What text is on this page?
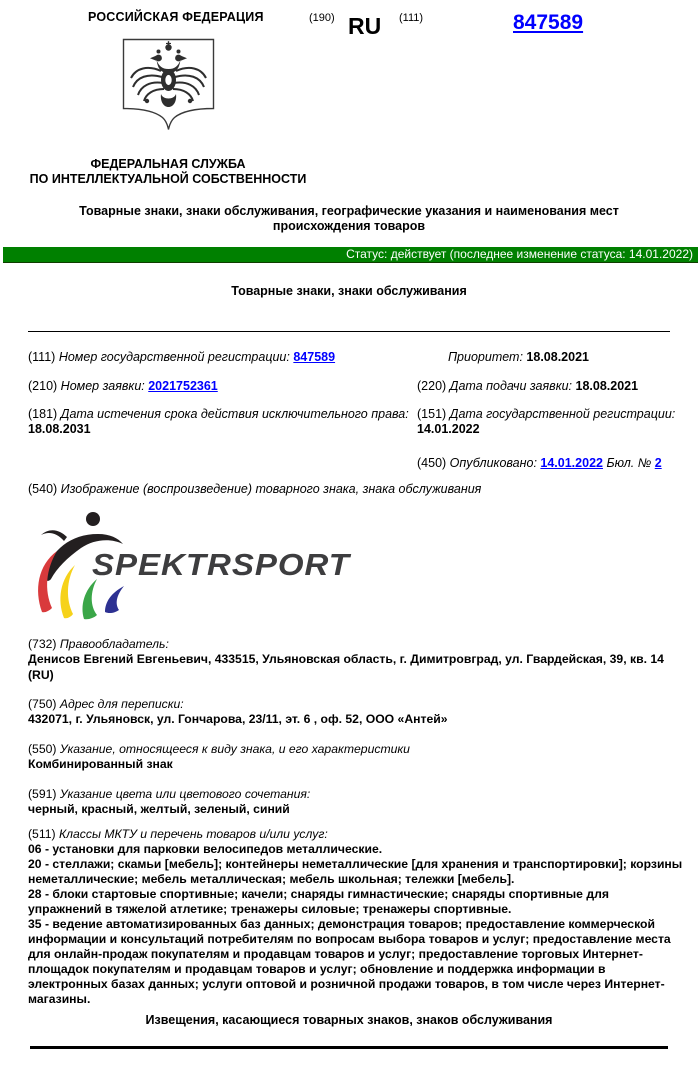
РОССИЙСКАЯ ФЕДЕРАЦИЯ	(190) RU (111)	847589
ФЕДЕРАЛЬНАЯ СЛУЖБА
ПО ИНТЕЛЛЕКТУАЛЬНОЙ СОБСТВЕННОСТИ
Товарные знаки, знаки обслуживания, географические указания и наименования мест происхождения товаров
Статус: действует (последнее изменение статуса: 14.01.2022)
Товарные знаки, знаки обслуживания
(111) Номер государственной регистрации: 847589	Приоритет: 18.08.2021
(210) Номер заявки: 2021752361	(220) Дата подачи заявки: 18.08.2021
(181) Дата истечения срока действия исключительного права:
18.08.2031
(151) Дата государственной регистрации:
14.01.2022
(450) Опубликовано: 14.01.2022 Бюл. № 2
(540) Изображение (воспроизведение) товарного знака, знака обслуживания
SPEKTRSPORT
(732) Правообладатель:
Денисов Евгений Евгеньевич, 433515, Ульяновская область, г. Димитровград, ул. Гвардейская, 39, кв. 14 (RU)
(750) Адрес для переписки:
432071, г. Ульяновск, ул. Гончарова, 23/11, эт. 6 , оф. 52, ООО «Антей»
(550) Указание, относящееся к виду знака, и его характеристики
Комбинированный знак
(591) Указание цвета или цветового сочетания:
черный, красный, желтый, зеленый, синий
(511) Классы МКТУ и перечень товаров и/или услуг:
06 - установки для парковки велосипедов металлические.
20 - стеллажи; скамьи [мебель]; контейнеры неметаллические [для хранения и транспортировки]; корзины неметаллические; мебель металлическая; мебель школьная; тележки [мебель].
28 - блоки стартовые спортивные; качели; снаряды гимнастические; снаряды спортивные для упражнений в тяжелой атлетике; тренажеры силовые; тренажеры спортивные.
35 - ведение автоматизированных баз данных; демонстрация товаров; предоставление коммерческой информации и консультаций потребителям по вопросам выбора товаров и услуг; предоставление места для онлайн-продаж покупателям и продавцам товаров и услуг; предоставление торговых Интернет-площадок покупателям и продавцам товаров и услуг; обновление и поддержка информации в электронных базах данных; услуги оптовой и розничной продажи товаров, в том числе через Интернет-магазины.
Извещения, касающиеся товарных знаков, знаков обслуживания
